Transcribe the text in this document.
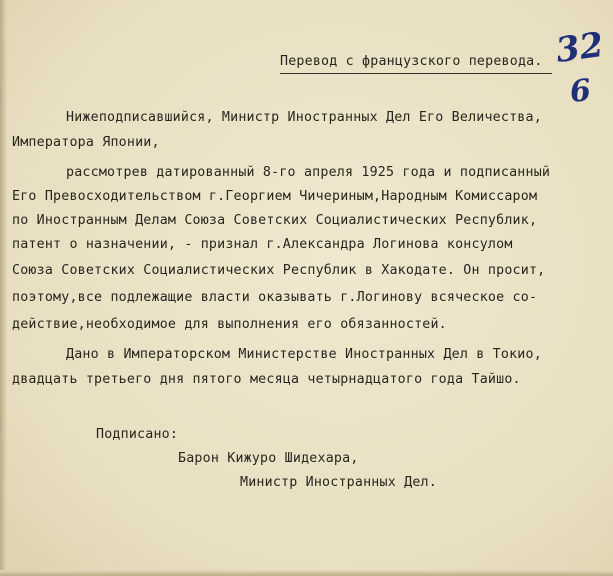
Перевод с французского перевода. 32
6
Нижеподписавшийся, Министр Иностранных Дел Его Величества,
Императора Японии,
рассмотрев датированный 8-го апреля 1925 года и подписанный
Его Превосходительством г.Георгием Чичериным,Народным Комиссаром
по Иностранным Делам Союза Советских Социалистических Республик,
патент о назначении, - признал г.Александра Логинова консулом
Союза Советских Социалистических Республик в Хакодате. Он просит,
поэтому,все подлежащие власти оказывать г.Логинову всяческое со-
действие,необходимое для выполнения его обязанностей.
Дано в Императорском Министерстве Иностранных Дел в Токио,
двадцать третьего дня пятого месяца четырнадцатого года Тайшо.
Подписано:
Барон Кижуро Шидехара,
Министр Иностранных Дел.
